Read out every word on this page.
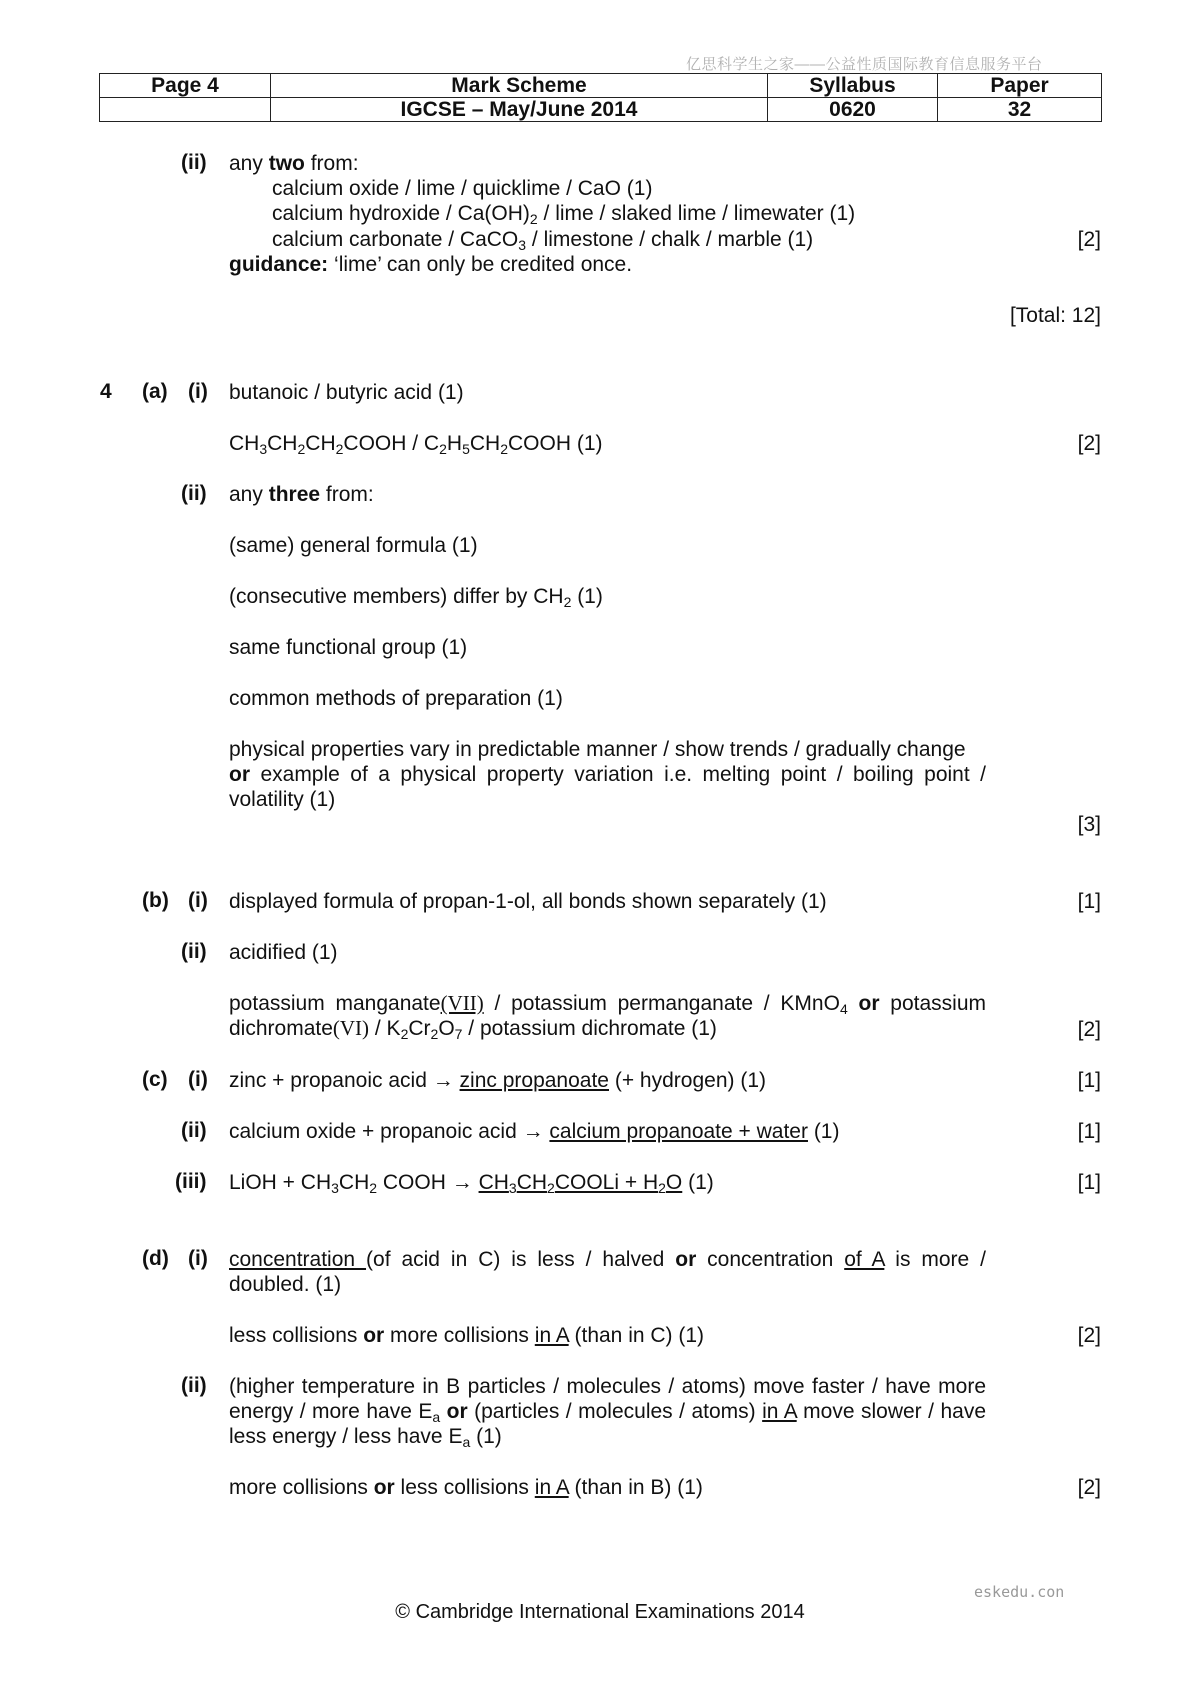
亿思科学生之家——公益性质国际教育信息服务平台
Page 4	Mark Scheme	Syllabus	Paper
	IGCSE – May/June 2014	0620	32
(ii) any two from:
calcium oxide / lime / quicklime / CaO (1)
calcium hydroxide / $Ca(OH)_2$ / lime / slaked lime / limewater (1)
calcium carbonate / CaCO$_3$ / limestone / chalk / marble (1)	[2]
guidance: ‘lime’ can only be credited once.
[Total: 12]
4 (a) (i) butanoic / butyric acid (1)
$CH_3CH_2CH_2COOH$ / $C_2H_5CH_2COOH$ (1)	[2]
(ii) any three from:
(same) general formula (1)
(consecutive members) differ by $CH_2$ (1)
same functional group (1)
common methods of preparation (1)
physical properties vary in predictable manner / show trends / gradually change
or example of a physical property variation i.e. melting point / boiling point / volatility (1)
[3]
(b) (i) displayed formula of propan-1-ol, all bonds shown separately (1)	[1]
(ii) acidified (1)
potassium manganate(VII) / potassium permanganate / KMnO$_4$ or potassium dichromate(VI) / $K_2Cr_2O_7$ / potassium dichromate (1)	[2]
(c) (i) zinc + propanoic acid → zinc propanoate (+ hydrogen) (1)	[1]
(ii) calcium oxide + propanoic acid → calcium propanoate + water (1)	[1]
(iii) LiOH + $CH_3CH_2$ COOH → $CH_3CH_2COOLi + H_2O$ (1)	[1]
(d) (i) concentration (of acid in C) is less / halved or concentration of A is more / doubled. (1)
less collisions or more collisions in A (than in C) (1)	[2]
(ii) (higher temperature in B particles / molecules / atoms) move faster / have more energy / more have $E_a$ or (particles / molecules / atoms) in A move slower / have less energy / less have $E_a$ (1)
more collisions or less collisions in A (than in B) (1)	[2]
eskedu.con
© Cambridge International Examinations 2014
